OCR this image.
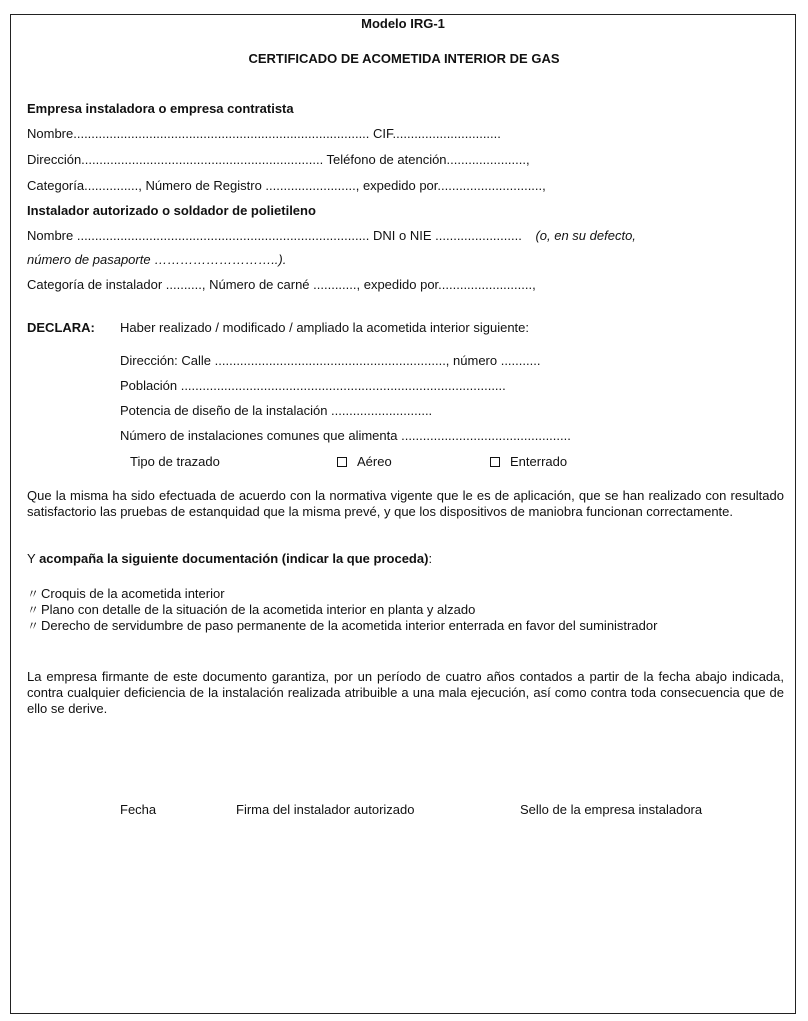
Modelo IRG-1
CERTIFICADO DE ACOMETIDA INTERIOR DE GAS
Empresa instaladora o empresa contratista
Nombre.................................................................................. CIF..............................
Dirección................................................................... Teléfono de atención......................,
Categoría..............., Número de Registro ........................., expedido por.............................,
Instalador autorizado o soldador de polietileno
Nombre ................................................................................. DNI o NIE ........................ (o, en su defecto,
número de pasaporte ………………………..).
Categoría de instalador .........., Número de carné ............, expedido por..........................,
DECLARA: Haber realizado / modificado / ampliado la acometida interior siguiente:
Dirección: Calle ................................................................, número ...........
Población ..........................................................................................
Potencia de diseño de la instalación ............................
Número de instalaciones comunes que alimenta ...............................................
Tipo de trazado	Aéreo	Enterrado
Que la misma ha sido efectuada de acuerdo con la normativa vigente que le es de aplicación, que se han realizado con resultado satisfactorio las pruebas de estanquidad que la misma prevé, y que los dispositivos de maniobra funcionan correctamente.
Y acompaña la siguiente documentación (indicar la que proceda):
〃 Croquis de la acometida interior
〃 Plano con detalle de la situación de la acometida interior en planta y alzado
〃 Derecho de servidumbre de paso permanente de la acometida interior enterrada en favor del suministrador
La empresa firmante de este documento garantiza, por un período de cuatro años contados a partir de la fecha abajo indicada, contra cualquier deficiencia de la instalación realizada atribuible a una mala ejecución, así como contra toda consecuencia que de ello se derive.
Fecha	Firma del instalador autorizado	Sello de la empresa instaladora
